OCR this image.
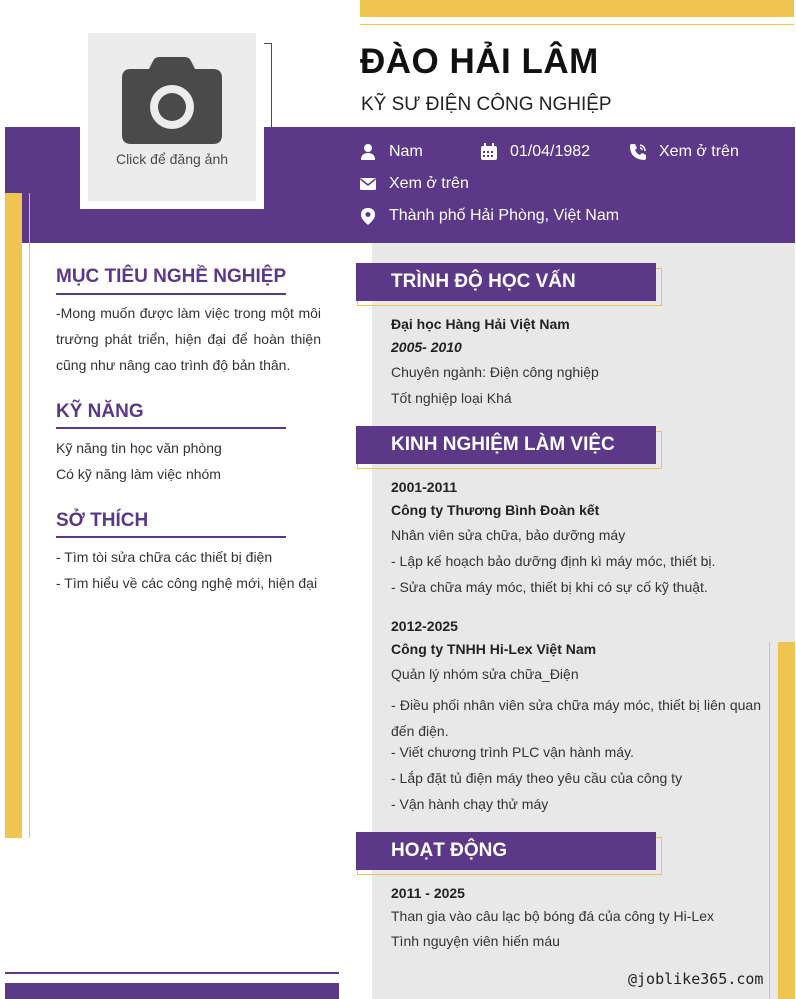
Click để đăng ảnh
ĐÀO HẢI LÂM
KỸ SƯ ĐIỆN CÔNG NGHIỆP
Nam	01/04/1982	Xem ở trên
Xem ở trên
Thành phố Hải Phòng, Việt Nam
MỤC TIÊU NGHỀ NGHIỆP
-Mong muốn được làm việc trong một môi trường phát triển, hiện đại để hoàn thiện cũng như nâng cao trình độ bản thân.
KỸ NĂNG
Kỹ năng tin học văn phòng
Có kỹ năng làm việc nhóm
SỞ THÍCH
- Tìm tòi sửa chữa các thiết bị điện
- Tìm hiểu về các công nghệ mới, hiện đại
TRÌNH ĐỘ HỌC VẤN
Đại học Hàng Hải Việt Nam
2005- 2010
Chuyên ngành: Điện công nghiệp
Tốt nghiệp loại Khá
KINH NGHIỆM LÀM VIỆC
2001-2011
Công ty Thương Bình Đoàn kết
Nhân viên sửa chữa, bảo dưỡng máy
- Lập kế hoạch bảo dưỡng định kì máy móc, thiết bị.
- Sửa chữa máy móc, thiết bị khi có sự cố kỹ thuật.
2012-2025
Công ty TNHH Hi-Lex Việt Nam
Quản lý nhóm sửa chữa_Điện
- Điều phối nhân viên sửa chữa máy móc, thiết bị liên quan đến điện.
- Viết chương trình PLC vận hành máy.
- Lắp đặt tủ điện máy theo yêu cầu của công ty
- Vận hành chạy thử máy
HOẠT ĐỘNG
2011 - 2025
Than gia vào câu lạc bộ bóng đá của công ty Hi-Lex
Tình nguyện viên hiến máu
@joblike365.com
